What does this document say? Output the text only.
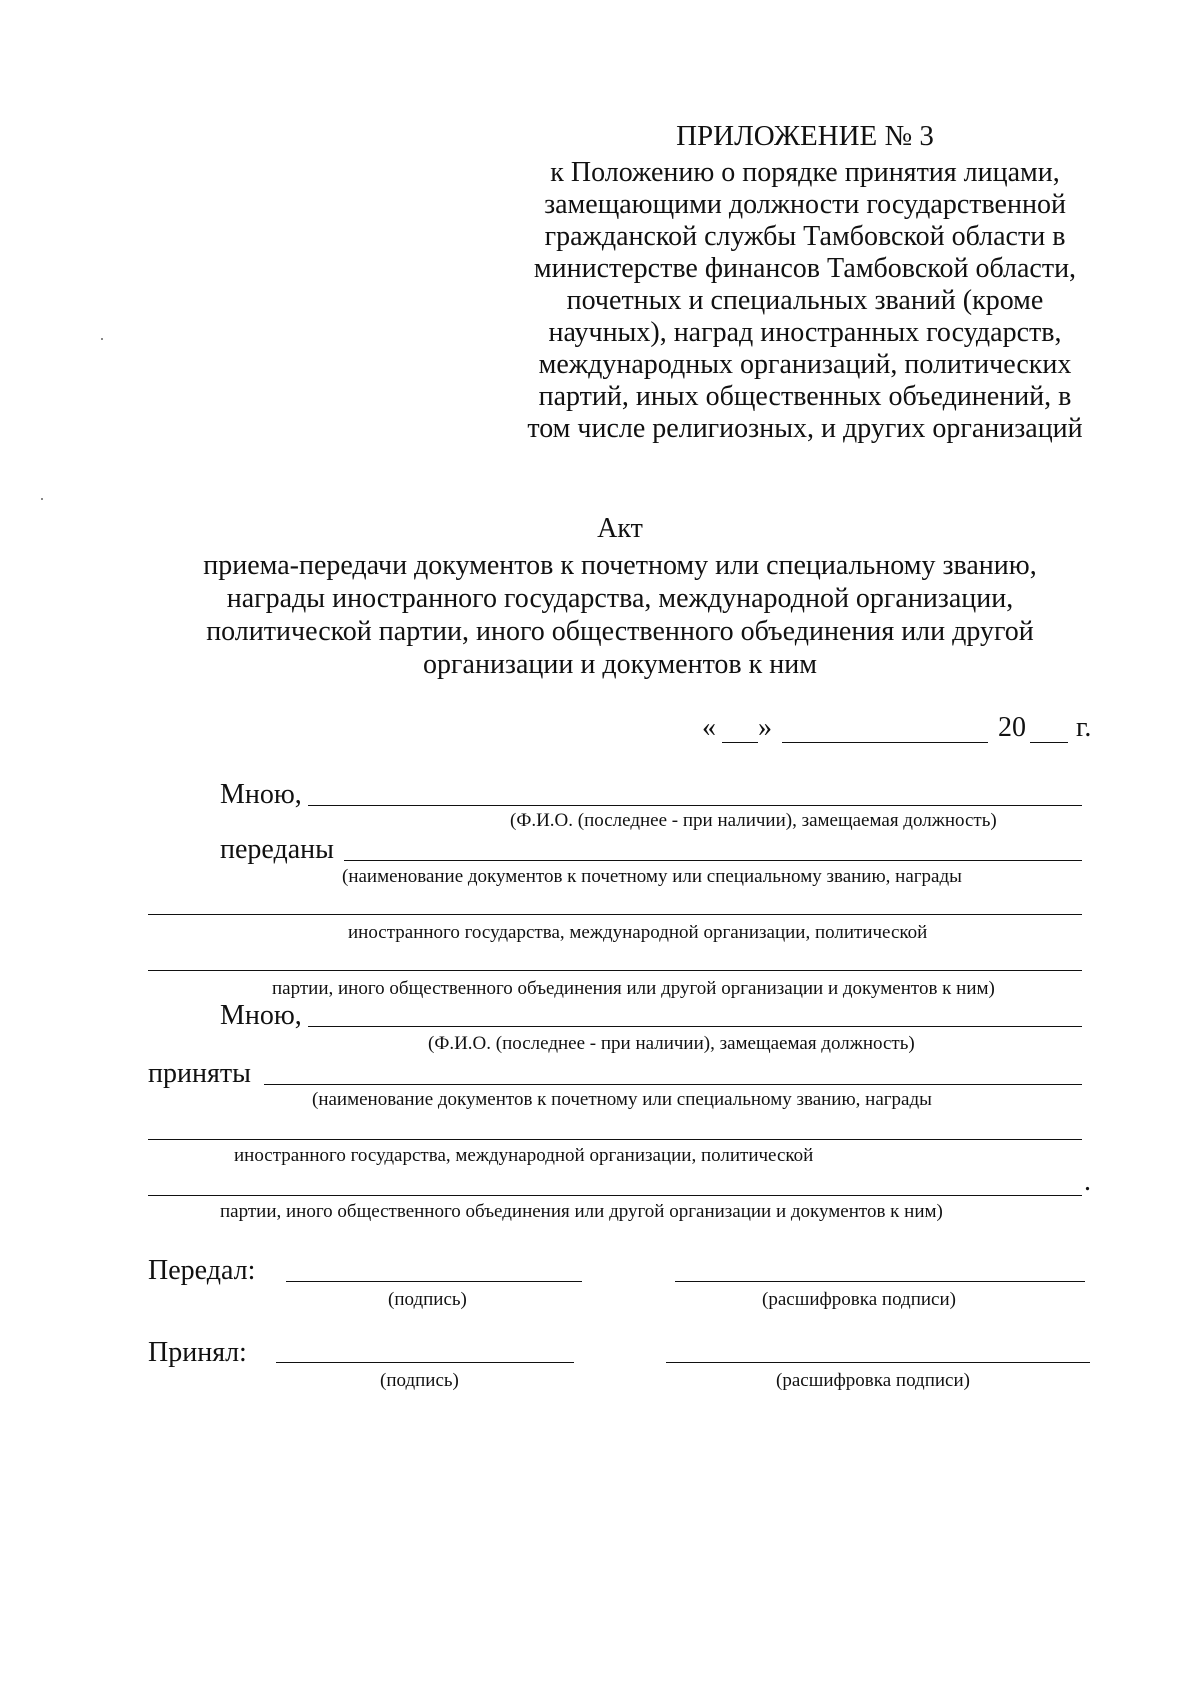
ПРИЛОЖЕНИЕ № 3
к Положению о порядке принятия лицами,
замещающими должности государственной
гражданской службы Тамбовской области в
министерстве финансов Тамбовской области,
почетных и специальных званий (кроме
научных), наград иностранных государств,
международных организаций, политических
партий, иных общественных объединений, в
том числе религиозных, и других организаций
Акт
приема-передачи документов к почетному или специальному званию,
награды иностранного государства, международной организации,
политической партии, иного общественного объединения или другой
организации и документов к ним
« »	20 г.
Мною,
(Ф.И.О. (последнее - при наличии), замещаемая должность)
переданы
(наименование документов к почетному или специальному званию, награды
иностранного государства, международной организации, политической
партии, иного общественного объединения или другой организации и документов к ним)
Мною,
(Ф.И.О. (последнее - при наличии), замещаемая должность)
приняты
(наименование документов к почетному или специальному званию, награды
иностранного государства, международной организации, политической
.
партии, иного общественного объединения или другой организации и документов к ним)
Передал:
(подпись)	(расшифровка подписи)
Принял:
(подпись)	(расшифровка подписи)
